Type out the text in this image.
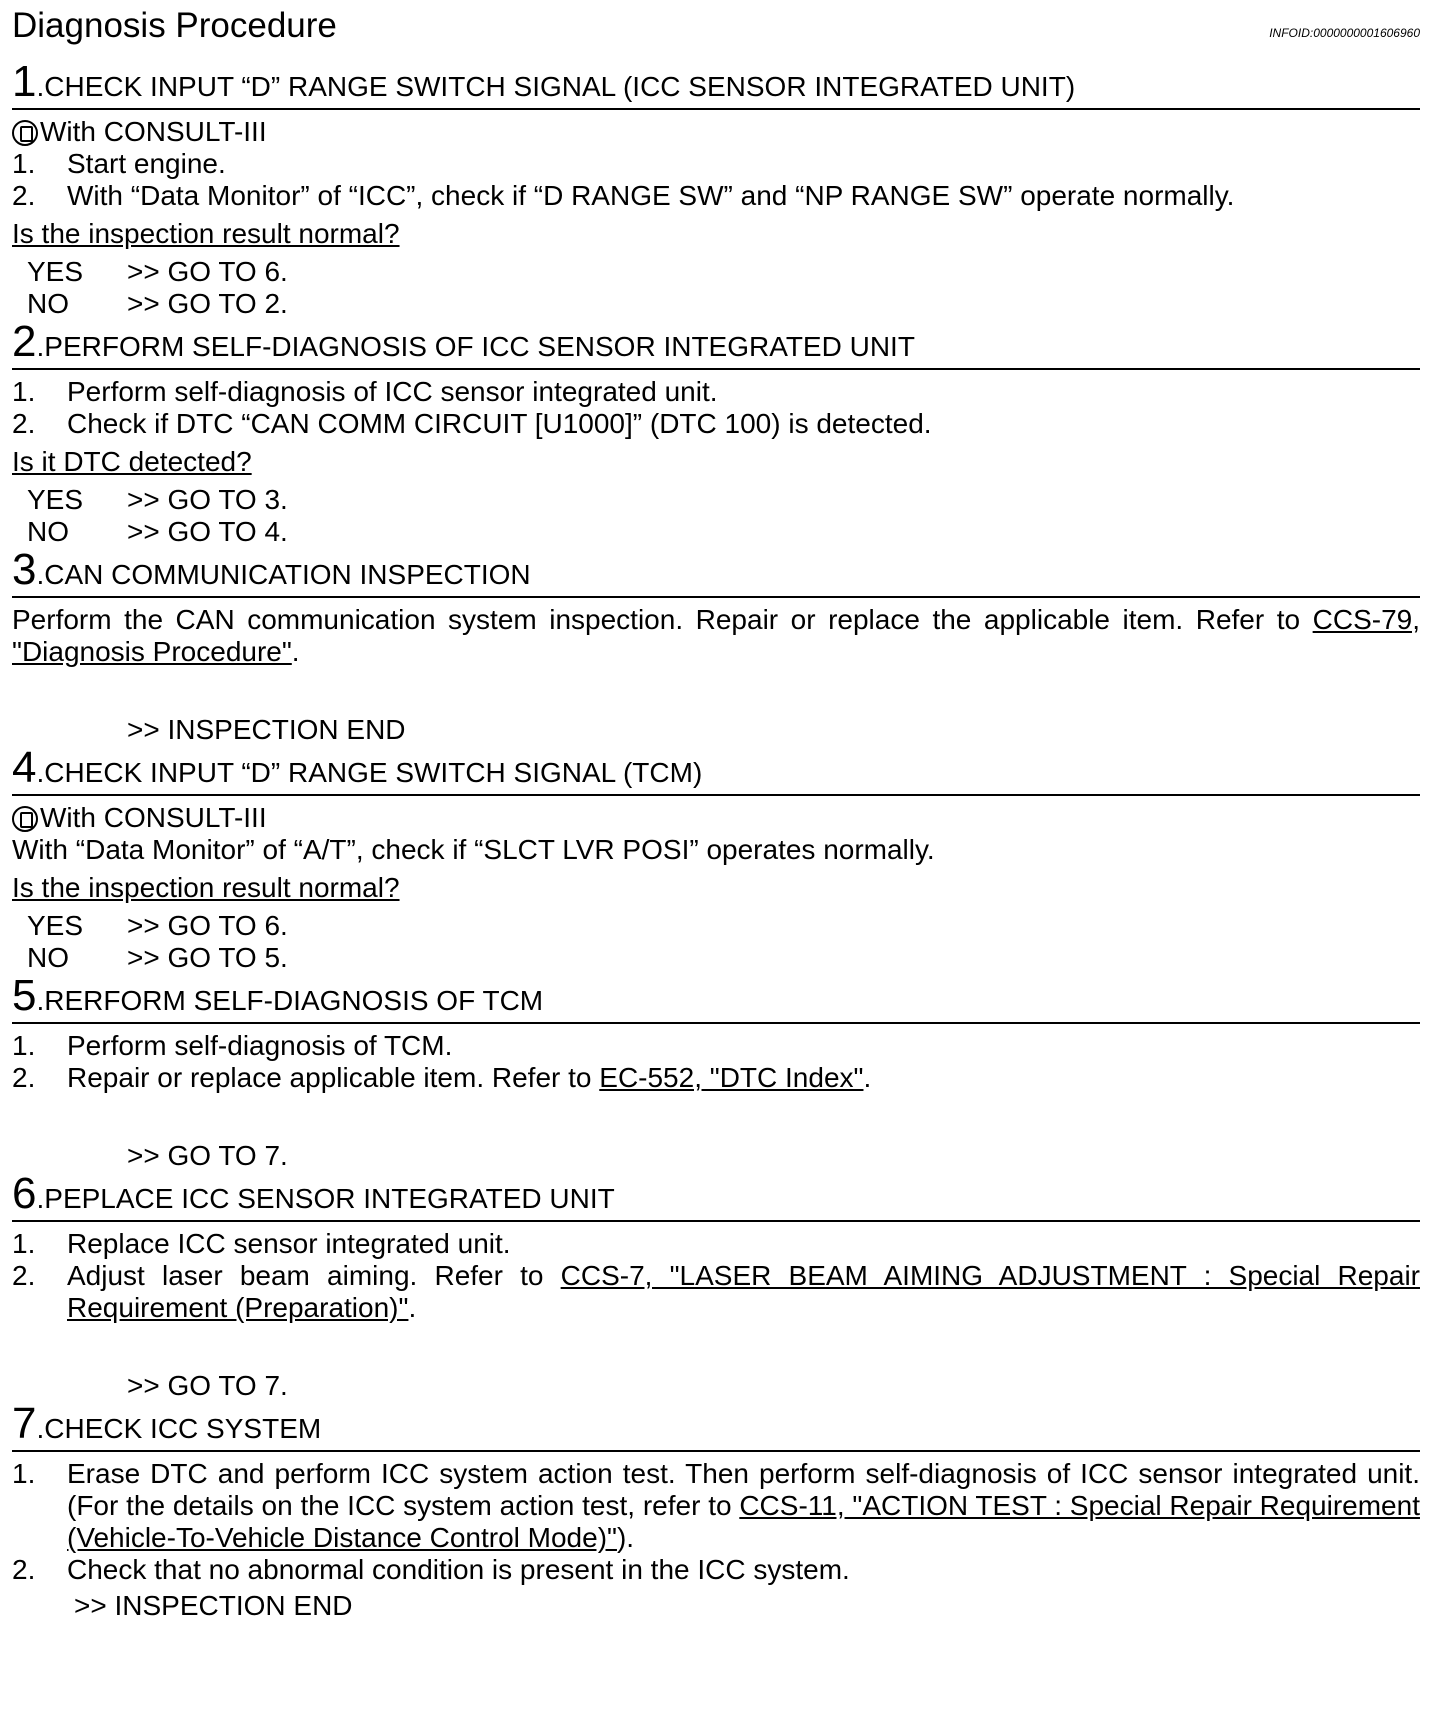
Diagnosis Procedure	INFOID:0000000001606960
1.CHECK INPUT “D” RANGE SWITCH SIGNAL (ICC SENSOR INTEGRATED UNIT)
With CONSULT-III
1.	Start engine.
2.	With “Data Monitor” of “ICC”, check if “D RANGE SW” and “NP RANGE SW” operate normally.
Is the inspection result normal?
YES	>> GO TO 6.
NO	>> GO TO 2.
2.PERFORM SELF-DIAGNOSIS OF ICC SENSOR INTEGRATED UNIT
1.	Perform self-diagnosis of ICC sensor integrated unit.
2.	Check if DTC “CAN COMM CIRCUIT [U1000]” (DTC 100) is detected.
Is it DTC detected?
YES	>> GO TO 3.
NO	>> GO TO 4.
3.CAN COMMUNICATION INSPECTION
Perform the CAN communication system inspection. Repair or replace the applicable item. Refer to CCS-79, "Diagnosis Procedure".
>> INSPECTION END
4.CHECK INPUT “D” RANGE SWITCH SIGNAL (TCM)
With CONSULT-III
With “Data Monitor” of “A/T”, check if “SLCT LVR POSI” operates normally.
Is the inspection result normal?
YES	>> GO TO 6.
NO	>> GO TO 5.
5.RERFORM SELF-DIAGNOSIS OF TCM
1.	Perform self-diagnosis of TCM.
2.	Repair or replace applicable item. Refer to EC-552, "DTC Index".
>> GO TO 7.
6.PEPLACE ICC SENSOR INTEGRATED UNIT
1.	Replace ICC sensor integrated unit.
2.	Adjust laser beam aiming. Refer to CCS-7, "LASER BEAM AIMING ADJUSTMENT : Special Repair Requirement (Preparation)".
>> GO TO 7.
7.CHECK ICC SYSTEM
1.	Erase DTC and perform ICC system action test. Then perform self-diagnosis of ICC sensor integrated unit. (For the details on the ICC system action test, refer to CCS-11, "ACTION TEST : Special Repair Requirement (Vehicle-To-Vehicle Distance Control Mode)").
2.	Check that no abnormal condition is present in the ICC system.
>> INSPECTION END
